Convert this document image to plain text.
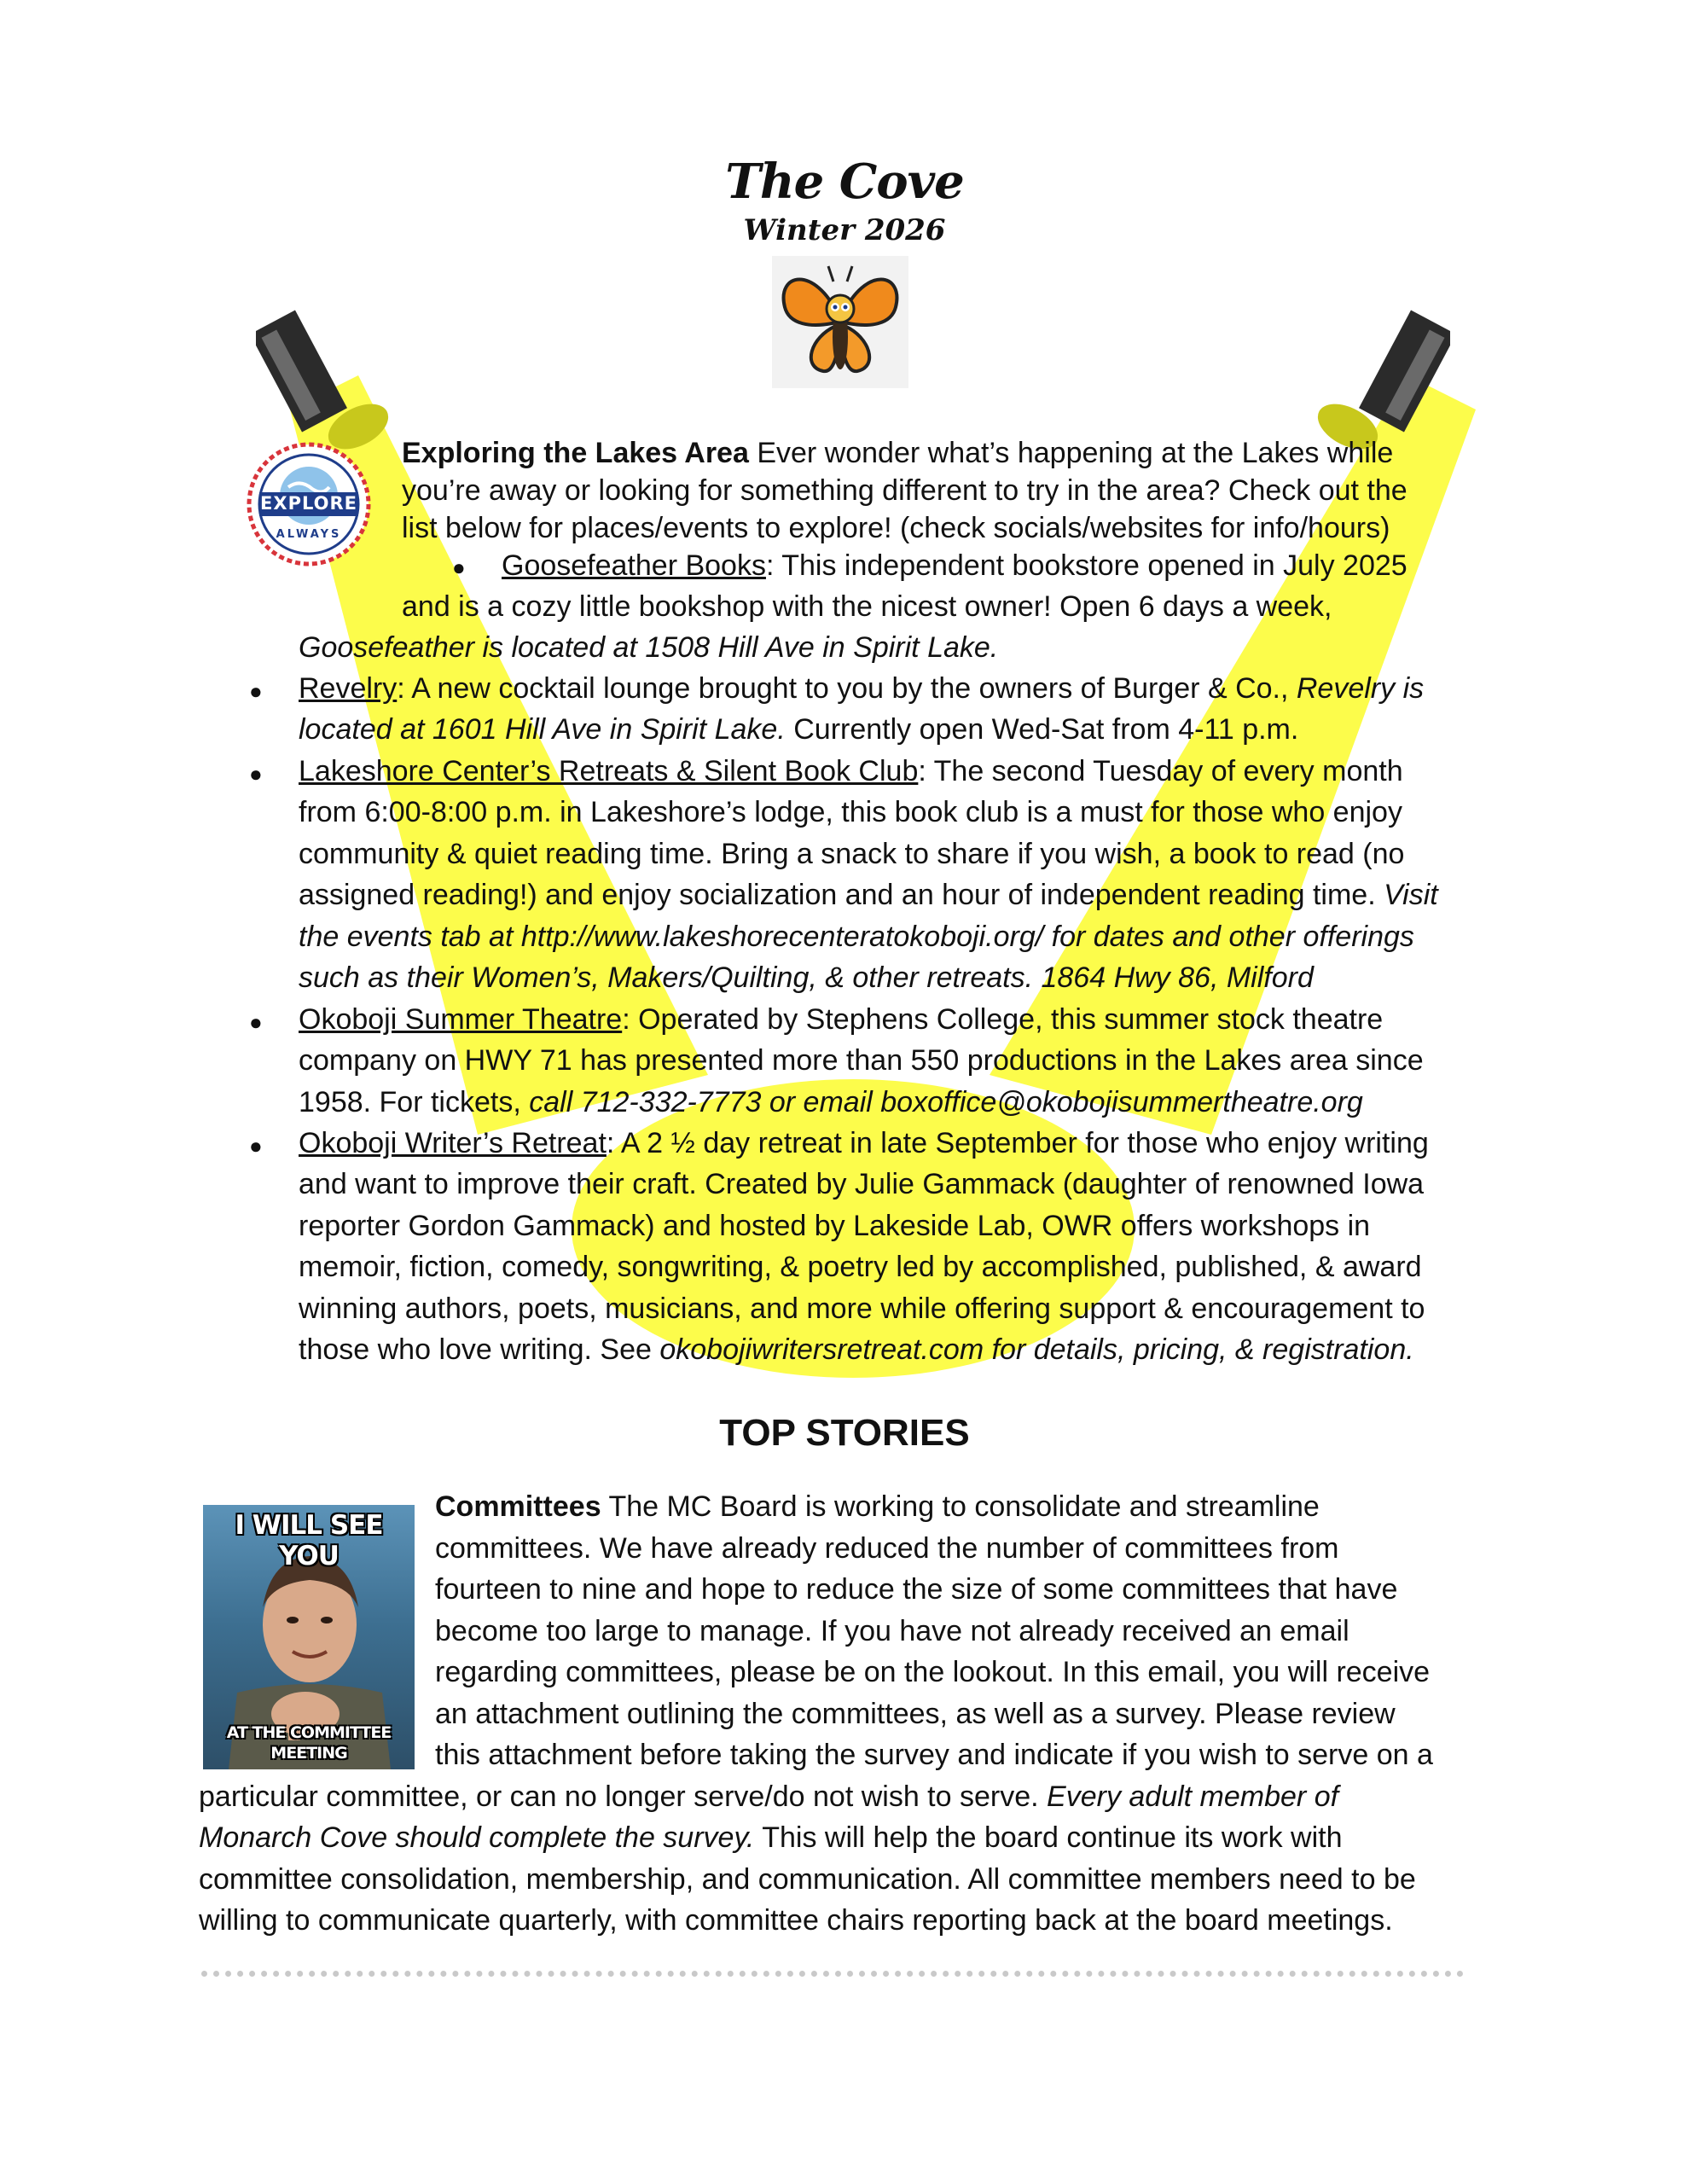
The Cove
Winter 2026
EXPLORE
ALWAYS
Exploring the Lakes Area Ever wonder what’s happening at the Lakes while
you’re away or looking for something different to try in the area? Check out the
list below for places/events to explore! (check socials/websites for info/hours)
● Goosefeather Books: This independent bookstore opened in July 2025
and is a cozy little bookshop with the nicest owner! Open 6 days a week,
Goosefeather is located at 1508 Hill Ave in Spirit Lake.
● Revelry: A new cocktail lounge brought to you by the owners of Burger & Co., Revelry is
located at 1601 Hill Ave in Spirit Lake. Currently open Wed-Sat from 4-11 p.m.
● Lakeshore Center’s Retreats & Silent Book Club: The second Tuesday of every month
from 6:00-8:00 p.m. in Lakeshore’s lodge, this book club is a must for those who enjoy
community & quiet reading time. Bring a snack to share if you wish, a book to read (no
assigned reading!) and enjoy socialization and an hour of independent reading time. Visit
the events tab at http://www.lakeshorecenteratokoboji.org/ for dates and other offerings
such as their Women’s, Makers/Quilting, & other retreats. 1864 Hwy 86, Milford
● Okoboji Summer Theatre: Operated by Stephens College, this summer stock theatre
company on HWY 71 has presented more than 550 productions in the Lakes area since
1958. For tickets, call 712-332-7773 or email boxoffice@okobojisummertheatre.org
● Okoboji Writer’s Retreat: A 2 ½ day retreat in late September for those who enjoy writing
and want to improve their craft. Created by Julie Gammack (daughter of renowned Iowa
reporter Gordon Gammack) and hosted by Lakeside Lab, OWR offers workshops in
memoir, fiction, comedy, songwriting, & poetry led by accomplished, published, & award
winning authors, poets, musicians, and more while offering support & encouragement to
those who love writing. See okobojiwritersretreat.com for details, pricing, & registration.
TOP STORIES
I WILL SEE YOU
AT THE COMMITTEE
MEETING
Committees The MC Board is working to consolidate and streamline
committees. We have already reduced the number of committees from
fourteen to nine and hope to reduce the size of some committees that have
become too large to manage. If you have not already received an email
regarding committees, please be on the lookout. In this email, you will receive
an attachment outlining the committees, as well as a survey. Please review
this attachment before taking the survey and indicate if you wish to serve on a
particular committee, or can no longer serve/do not wish to serve. Every adult member of
Monarch Cove should complete the survey. This will help the board continue its work with
committee consolidation, membership, and communication. All committee members need to be
willing to communicate quarterly, with committee chairs reporting back at the board meetings.
